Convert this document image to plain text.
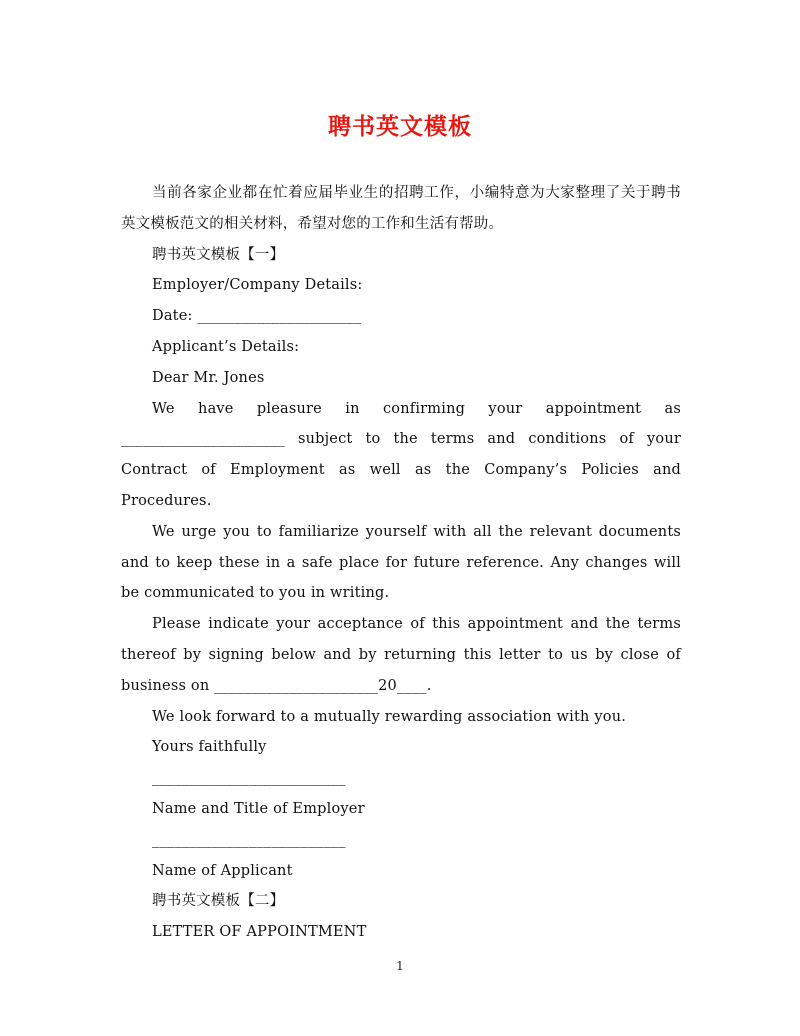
聘书英文模板

当前各家企业都在忙着应届毕业生的招聘工作，小编特意为大家整理了关于聘书英文模板范文的相关材料，希望对您的工作和生活有帮助。

聘书英文模板【一】

Employer/Company Details:

Date: ______________________

Applicant’s Details:

Dear Mr. Jones

We have pleasure in confirming your appointment as ______________________ subject to the terms and conditions of your Contract of Employment as well as the Company’s Policies and Procedures.

We urge you to familiarize yourself with all the relevant documents and to keep these in a safe place for future reference. Any changes will be communicated to you in writing.

Please indicate your acceptance of this appointment and the terms thereof by signing below and by returning this letter to us by close of business on ______________________20____.

We look forward to a mutually rewarding association with you.

Yours faithfully

__________________________

Name and Title of Employer

__________________________

Name of Applicant

聘书英文模板【二】

LETTER OF APPOINTMENT

1
